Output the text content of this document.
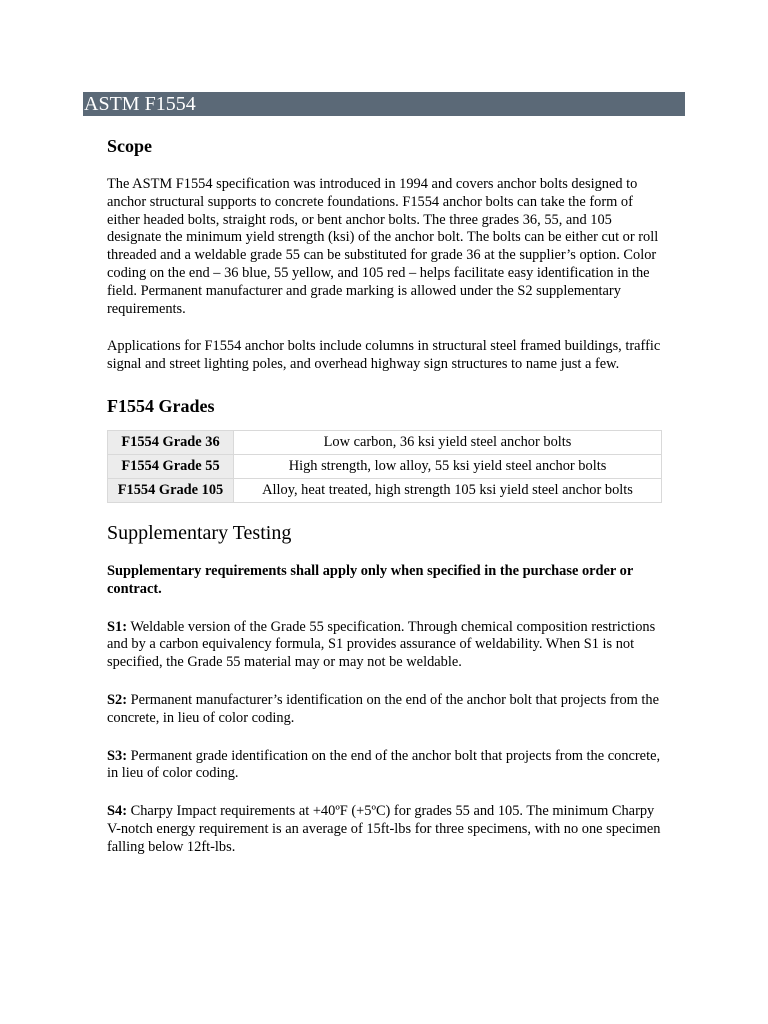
ASTM F1554
Scope

The ASTM F1554 specification was introduced in 1994 and covers anchor bolts designed to anchor structural supports to concrete foundations. F1554 anchor bolts can take the form of either headed bolts, straight rods, or bent anchor bolts. The three grades 36, 55, and 105 designate the minimum yield strength (ksi) of the anchor bolt. The bolts can be either cut or roll threaded and a weldable grade 55 can be substituted for grade 36 at the supplier’s option. Color coding on the end – 36 blue, 55 yellow, and 105 red – helps facilitate easy identification in the field. Permanent manufacturer and grade marking is allowed under the S2 supplementary requirements.

Applications for F1554 anchor bolts include columns in structural steel framed buildings, traffic signal and street lighting poles, and overhead highway sign structures to name just a few.

F1554 Grades
F1554 Grade 36	Low carbon, 36 ksi yield steel anchor bolts
F1554 Grade 55	High strength, low alloy, 55 ksi yield steel anchor bolts
F1554 Grade 105	Alloy, heat treated, high strength 105 ksi yield steel anchor bolts
Supplementary Testing

Supplementary requirements shall apply only when specified in the purchase order or contract.

S1: Weldable version of the Grade 55 specification. Through chemical composition restrictions and by a carbon equivalency formula, S1 provides assurance of weldability. When S1 is not specified, the Grade 55 material may or may not be weldable.

S2: Permanent manufacturer’s identification on the end of the anchor bolt that projects from the concrete, in lieu of color coding.

S3: Permanent grade identification on the end of the anchor bolt that projects from the concrete, in lieu of color coding.

S4: Charpy Impact requirements at +40ºF (+5ºC) for grades 55 and 105. The minimum Charpy V-notch energy requirement is an average of 15ft-lbs for three specimens, with no one specimen falling below 12ft-lbs.
